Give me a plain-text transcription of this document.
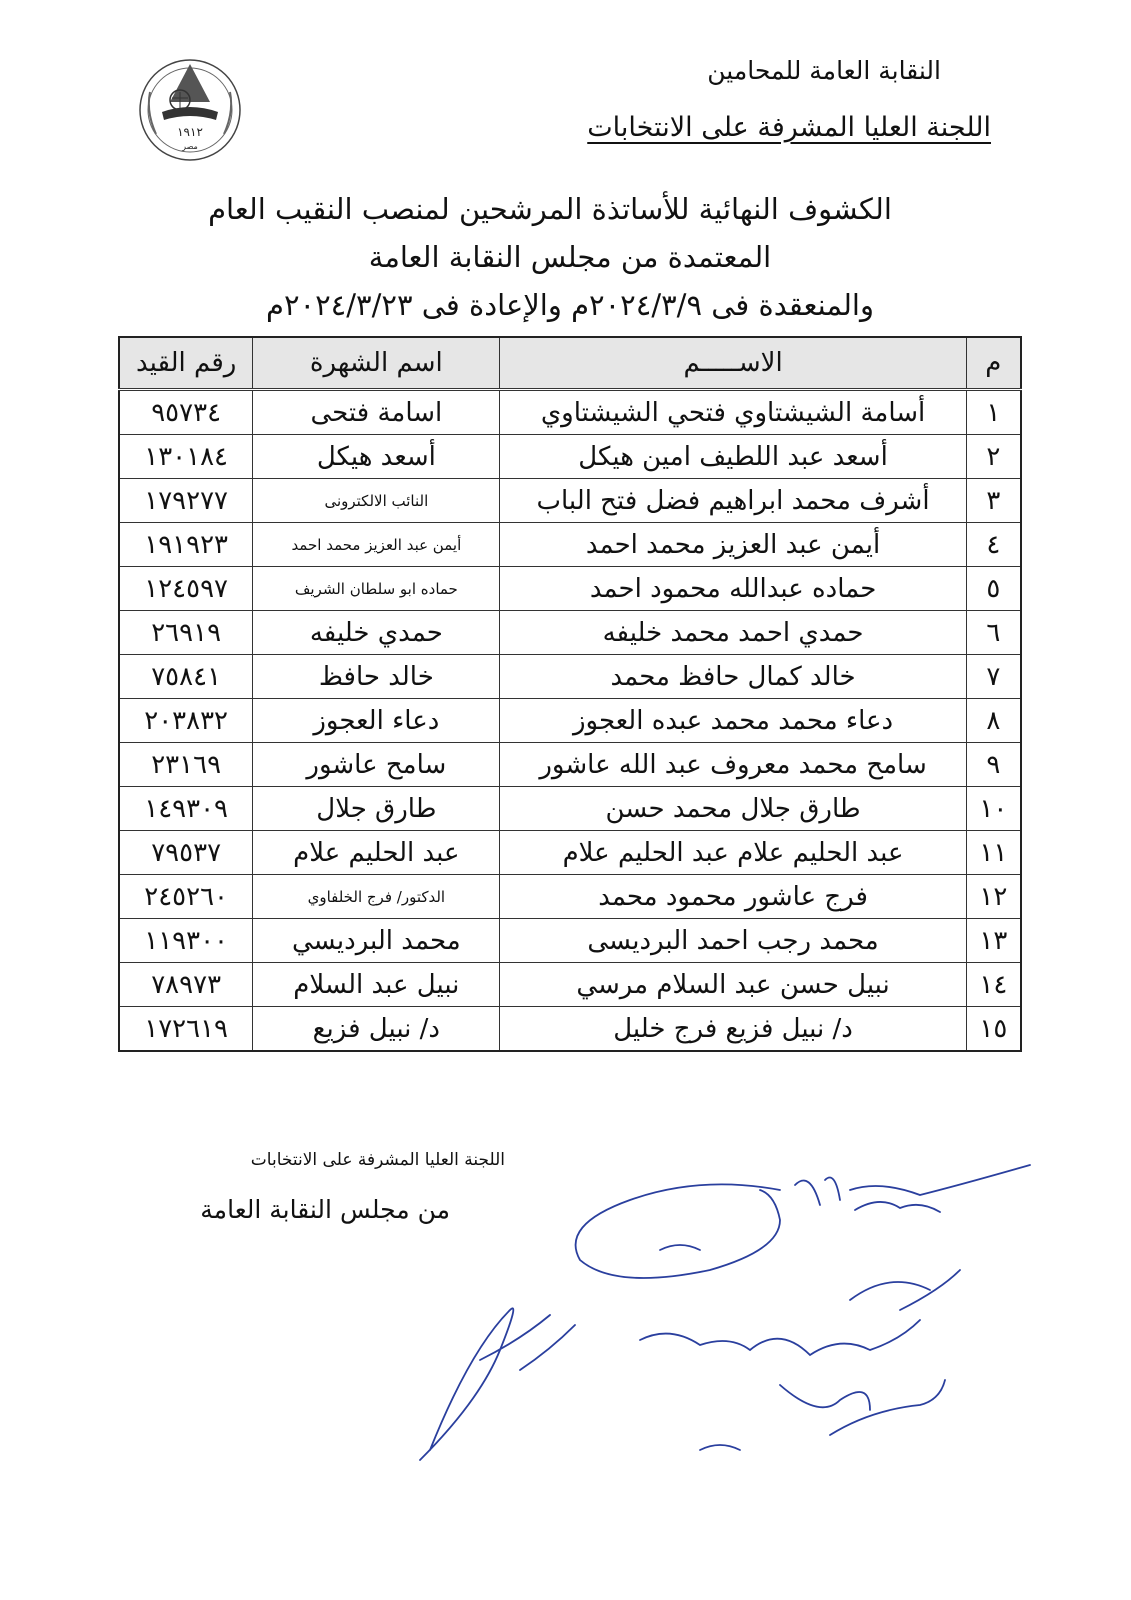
النقابة العامة للمحامين
اللجنة العليا المشرفة على الانتخابات
١٩١٢
مصر
الكشوف النهائية للأساتذة المرشحين لمنصب النقيب العام
المعتمدة من مجلس النقابة العامة
والمنعقدة فى ٢٠٢٤/٣/٩م والإعادة فى ٢٠٢٤/٣/٢٣م
م	الاســـــم	اسم الشهرة	رقم القيد
١	أسامة الشيشتاوي فتحي الشيشتاوي	اسامة فتحى	٩٥٧٣٤
٢	أسعد عبد اللطيف امين هيكل	أسعد هيكل	١٣٠١٨٤
٣	أشرف محمد ابراهيم فضل فتح الباب	النائب الالكترونى	١٧٩٢٧٧
٤	أيمن عبد العزيز محمد احمد	أيمن عبد العزيز محمد احمد	١٩١٩٢٣
٥	حماده عبدالله محمود احمد	حماده ابو سلطان الشريف	١٢٤٥٩٧
٦	حمدي احمد محمد خليفه	حمدي خليفه	٢٦٩١٩
٧	خالد كمال حافظ محمد	خالد حافظ	٧٥٨٤١
٨	دعاء محمد محمد عبده العجوز	دعاء العجوز	٢٠٣٨٣٢
٩	سامح محمد معروف عبد الله عاشور	سامح عاشور	٢٣١٦٩
١٠	طارق جلال محمد حسن	طارق جلال	١٤٩٣٠٩
١١	عبد الحليم علام عبد الحليم علام	عبد الحليم علام	٧٩٥٣٧
١٢	فرج عاشور محمود محمد	الدكتور/ فرج الخلفاوي	٢٤٥٢٦٠
١٣	محمد رجب احمد البرديسى	محمد البرديسي	١١٩٣٠٠
١٤	نبيل حسن عبد السلام مرسي	نبيل عبد السلام	٧٨٩٧٣
١٥	د/ نبيل فزيع فرج خليل	د/ نبيل فزيع	١٧٢٦١٩
اللجنة العليا المشرفة على الانتخابات
من مجلس النقابة العامة
